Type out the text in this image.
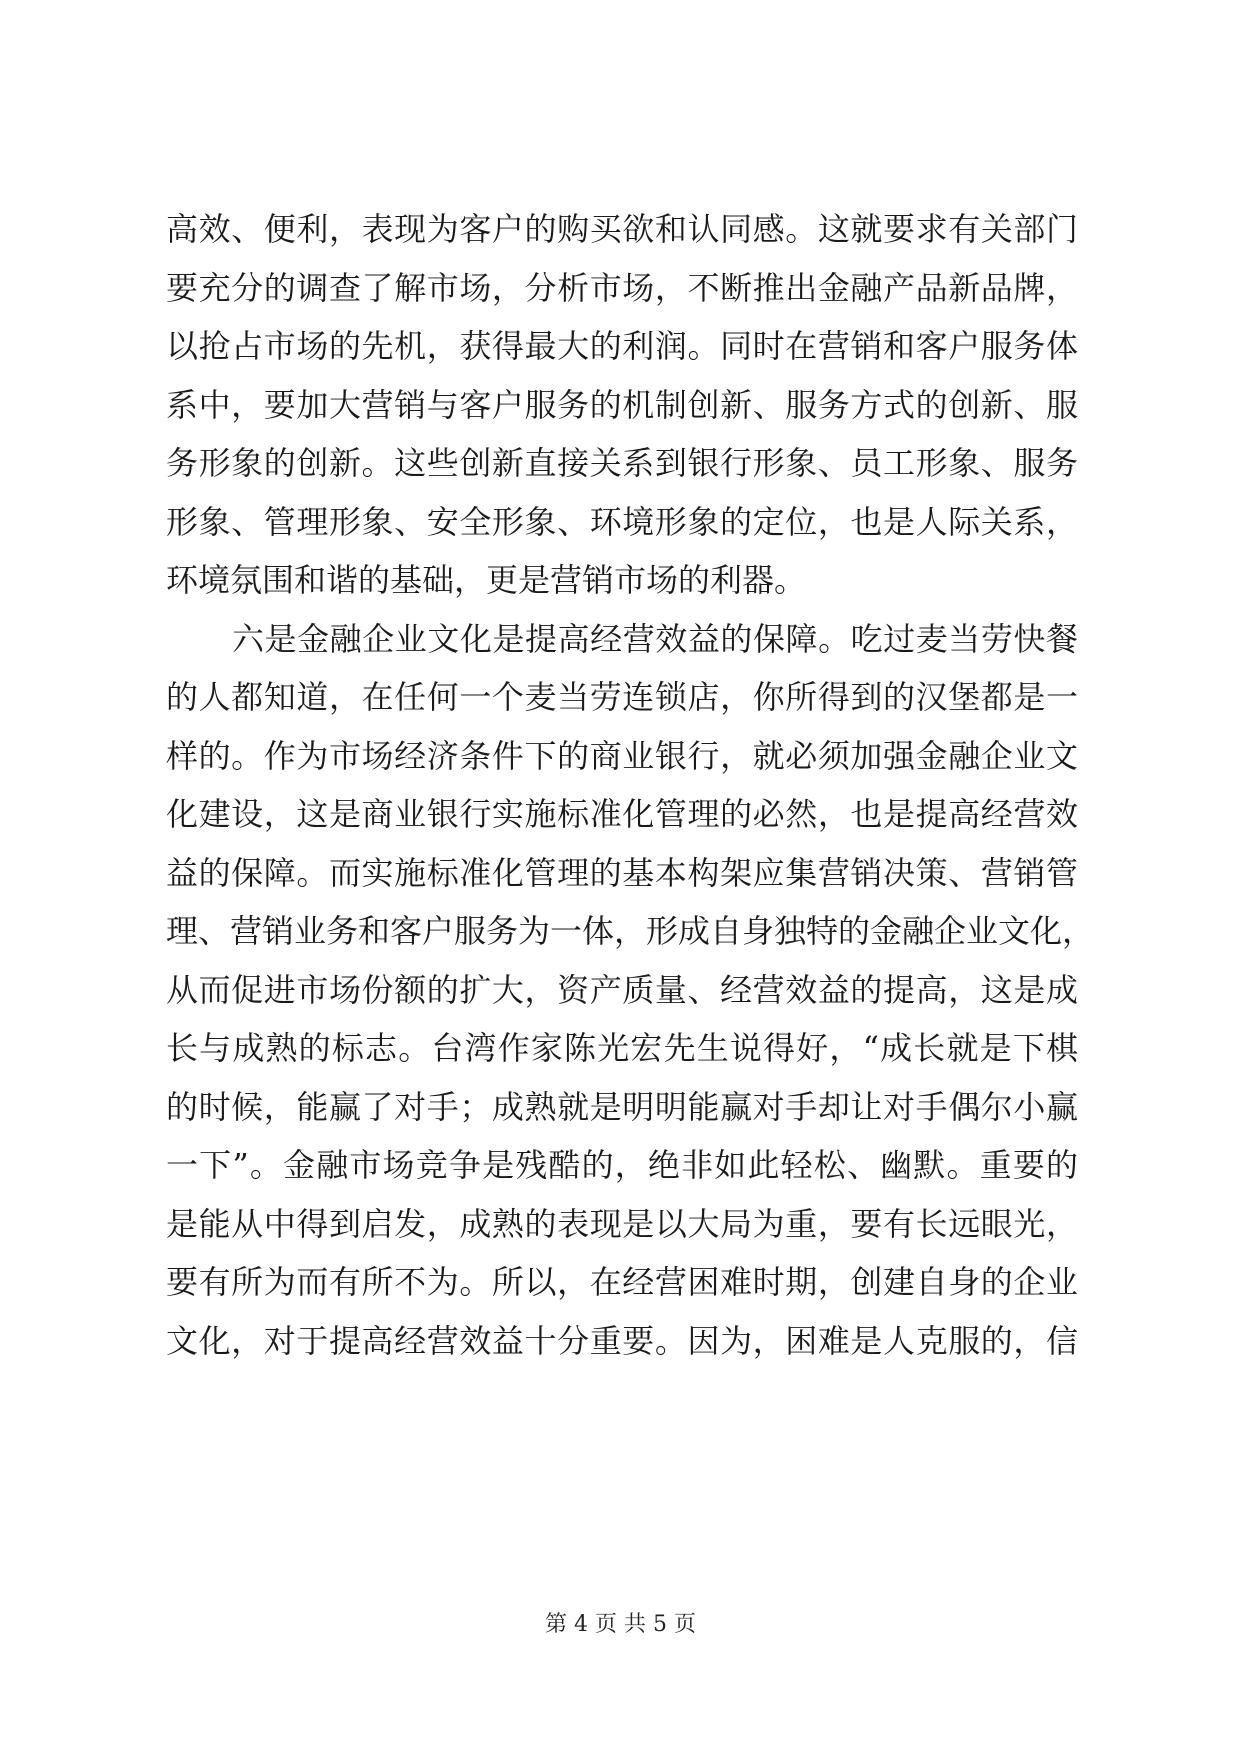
高效、便利，表现为客户的购买欲和认同感。这就要求有关部门
要充分的调查了解市场，分析市场，不断推出金融产品新品牌，
以抢占市场的先机，获得最大的利润。同时在营销和客户服务体
系中，要加大营销与客户服务的机制创新、服务方式的创新、服
务形象的创新。这些创新直接关系到银行形象、员工形象、服务
形象、管理形象、安全形象、环境形象的定位，也是人际关系，
环境氛围和谐的基础，更是营销市场的利器。
六是金融企业文化是提高经营效益的保障。吃过麦当劳快餐
的人都知道，在任何一个麦当劳连锁店，你所得到的汉堡都是一
样的。作为市场经济条件下的商业银行，就必须加强金融企业文
化建设，这是商业银行实施标准化管理的必然，也是提高经营效
益的保障。而实施标准化管理的基本构架应集营销决策、营销管
理、营销业务和客户服务为一体，形成自身独特的金融企业文化，
从而促进市场份额的扩大，资产质量、经营效益的提高，这是成
长与成熟的标志。台湾作家陈光宏先生说得好，“成长就是下棋
的时候，能赢了对手；成熟就是明明能赢对手却让对手偶尔小赢
一下”。金融市场竞争是残酷的，绝非如此轻松、幽默。重要的
是能从中得到启发，成熟的表现是以大局为重，要有长远眼光，
要有所为而有所不为。所以，在经营困难时期，创建自身的企业
文化，对于提高经营效益十分重要。因为，困难是人克服的，信
第 4 页 共 5 页
